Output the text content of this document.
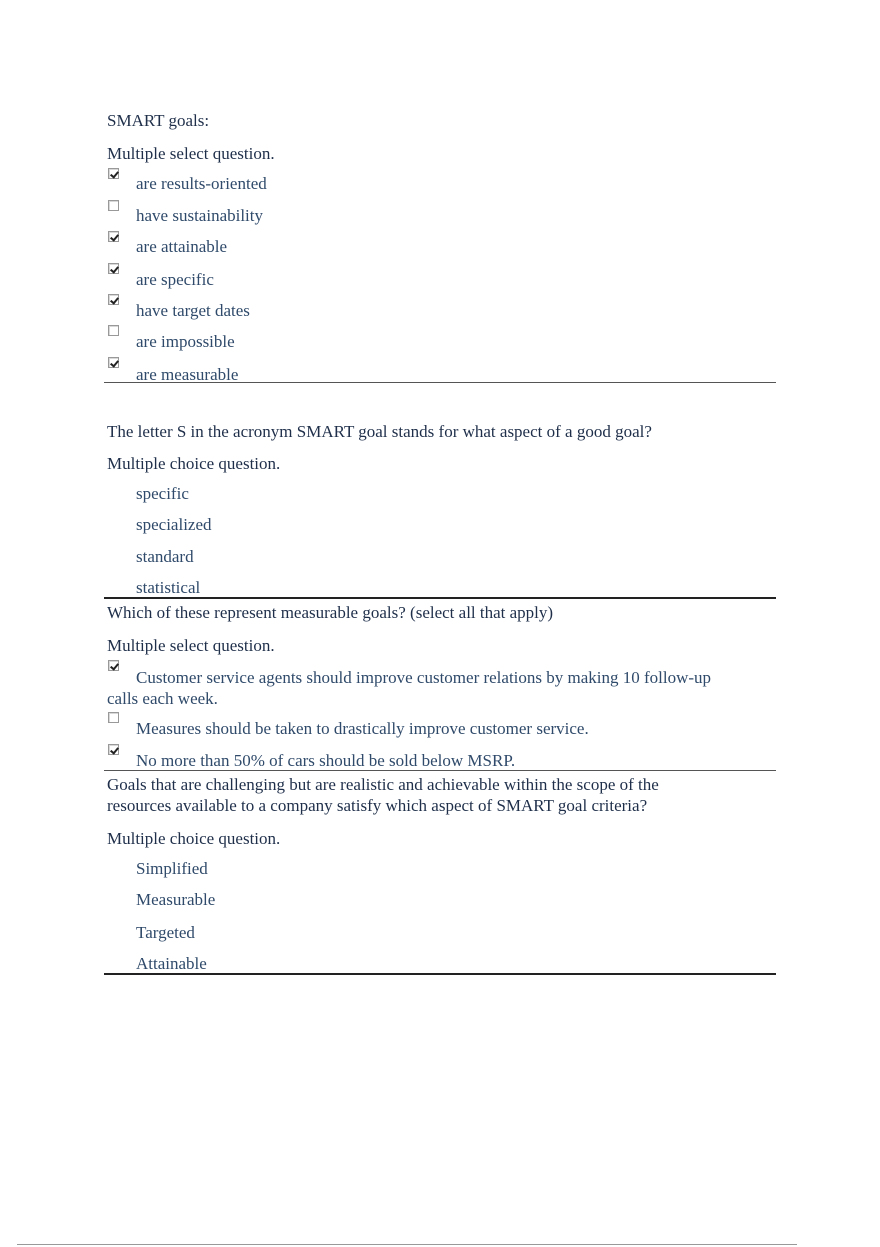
SMART goals:

Multiple select question.

are results-oriented

have sustainability

are attainable

are specific

have target dates

are impossible

are measurable

The letter S in the acronym SMART goal stands for what aspect of a good goal?

Multiple choice question.

specific

specialized

standard

statistical

Which of these represent measurable goals? (select all that apply)

Multiple select question.

Customer service agents should improve customer relations by making 10 follow-up calls each week.

Measures should be taken to drastically improve customer service.

No more than 50% of cars should be sold below MSRP.

Goals that are challenging but are realistic and achievable within the scope of the resources available to a company satisfy which aspect of SMART goal criteria?

Multiple choice question.

Simplified

Measurable

Targeted

Attainable
